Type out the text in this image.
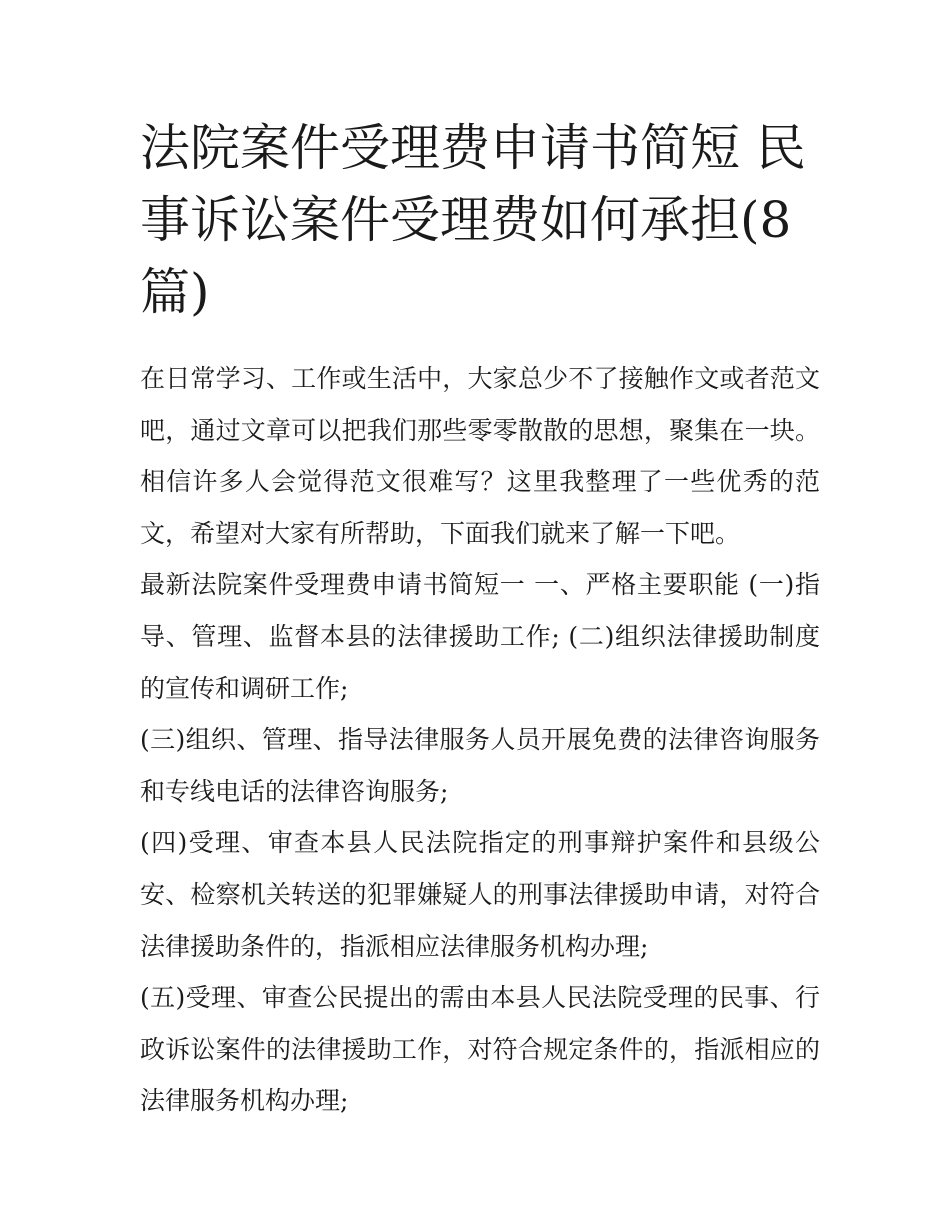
法院案件受理费申请书简短 民事诉讼案件受理费如何承担(8篇)

在日常学习、工作或生活中，大家总少不了接触作文或者范文吧，通过文章可以把我们那些零零散散的思想，聚集在一块。相信许多人会觉得范文很难写？这里我整理了一些优秀的范文，希望对大家有所帮助，下面我们就来了解一下吧。

最新法院案件受理费申请书简短一 一、严格主要职能 (一)指导、管理、监督本县的法律援助工作; (二)组织法律援助制度的宣传和调研工作;

(三)组织、管理、指导法律服务人员开展免费的法律咨询服务和专线电话的法律咨询服务;

(四)受理、审查本县人民法院指定的刑事辩护案件和县级公安、检察机关转送的犯罪嫌疑人的刑事法律援助申请，对符合法律援助条件的，指派相应法律服务机构办理;

(五)受理、审查公民提出的需由本县人民法院受理的民事、行政诉讼案件的法律援助工作，对符合规定条件的，指派相应的法律服务机构办理;
